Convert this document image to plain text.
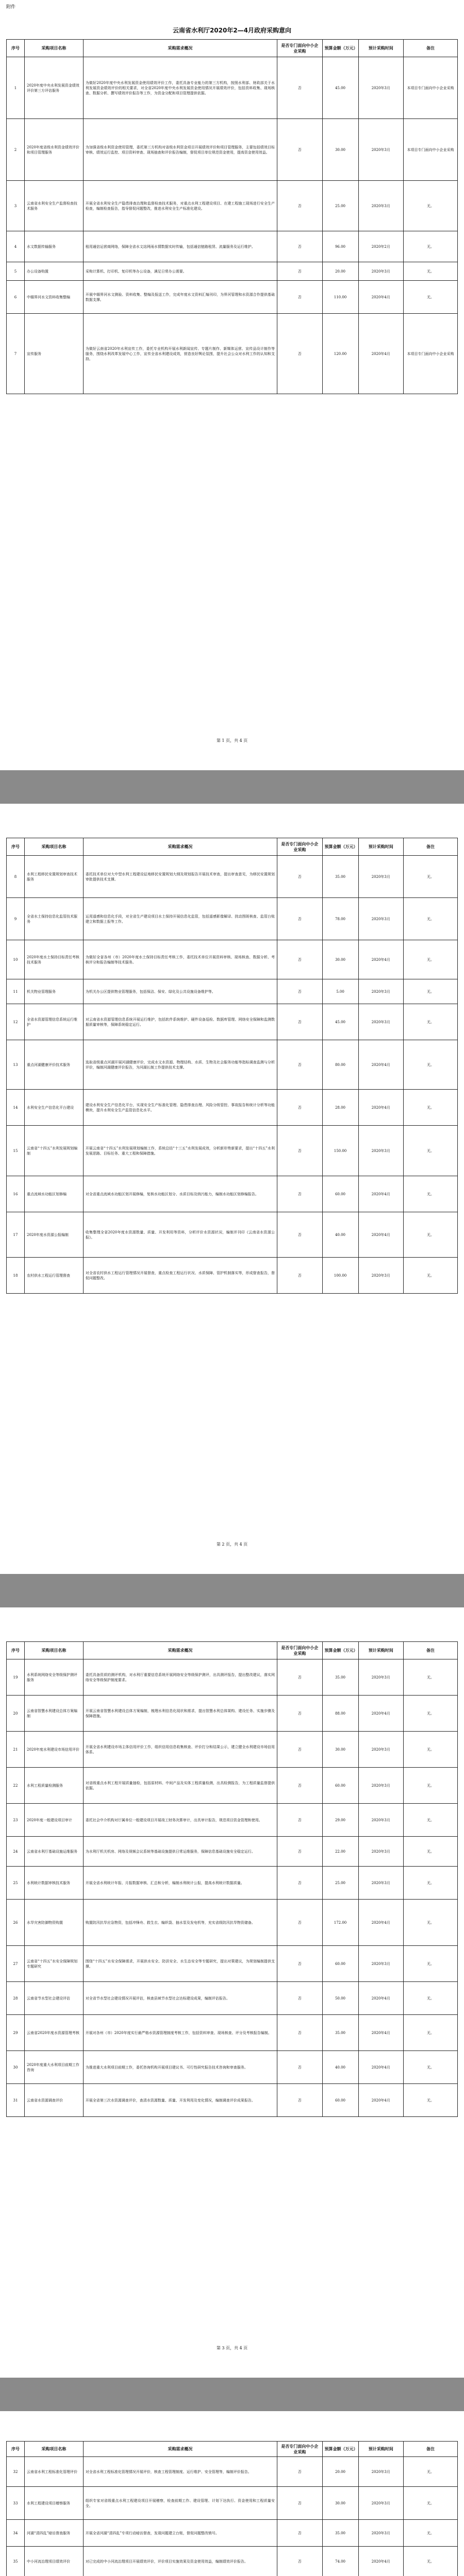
附件
云南省水利厅2020年2—4月政府采购意向
序号	采购项目名称	采购需求概况	是否专门面向中小企业采购	预算金额（万元）	预计采购时间	备注
1	2020年度中央水利发展资金绩效评价第三方评估服务	为做好2020年度中央水利发展资金使用绩效评价工作，委托具备专业能力的第三方机构，按照水利部、财政部关于水利发展资金绩效评价的相关要求，对全省2020年度中央水利发展资金使用情况开展绩效评价，包括资料收集、现场核查、数据分析、撰写绩效评价报告等工作，为资金分配和项目管理提供依据。	否	45.00	2020年3月	本项目专门面向中小企业采购
2	2020年度省级水利资金绩效评价和项目管理服务	为加强省级水利资金使用管理，委托第三方机构对省级水利资金项目开展绩效评价和项目管理服务，主要包括绩效目标审核、绩效运行监控、项目资料审查、现场抽查和评价报告编制，督促项目单位规范资金使用，提高资金使用效益。	否	30.00	2020年3月	本项目专门面向中小企业采购
3	云南省水利安全生产监督检查技术服务	开展全省水利安全生产隐患排查治理和监督检查技术服务，对重点水利工程建设项目、在建工程施工现场进行安全生产检查，编制检查报告，指导督促问题整改，推进水利安全生产标准化建设。	否	25.00	2020年3月	无。
4	水文数据传输服务	租用通信运营商网络，保障全省水文站网雨水情数据实时传输，包括通信链路租赁、流量服务及运行维护。	否	96.00	2020年2月	无。
5	办公设备购置	采购计算机、打印机、复印机等办公设备，满足日常办公需要。	否	20.00	2020年3月	无。
6	中缅界河水文资料收集整编	开展中缅界河水文测验、资料收集、整编及报送工作，完成年度水文资料汇编刊印，为界河管理和水资源合作提供基础数据支撑。	否	110.00	2020年4月	无。
7	宣传服务	为做好云南省2020年水利宣传工作，委托专业机构开展水利新闻宣传、专题片制作、新媒体运营、宣传品设计制作等服务，围绕水利改革发展中心工作，宣传全省水利建设成效，营造良好舆论氛围，提升社会公众对水利工作的认知和支持。	否	120.00	2020年4月	本项目专门面向中小企业采购
第 1 页，共 4 页
序号	采购项目名称	采购需求概况	是否专门面向中小企业采购	预算金额（万元）	预计采购时间	备注
8	水利工程移民安置规划审查技术服务	委托技术单位对大中型水利工程建设征地移民安置规划大纲及规划报告开展技术审查，提出审查意见，为移民安置规划审批提供技术支撑。	否	35.00	2020年3月	无。
9	全省水土保持信息化监管技术服务	运用遥感和信息化手段，对全省生产建设项目水土保持开展信息化监管，包括遥感影像解译、扰动图斑核查、监管台账建立和数据上报等工作。	否	78.00	2020年3月	无。
10	2020年度水土保持目标责任考核技术服务	为做好全省各州（市）2020年度水土保持目标责任考核工作，委托技术单位开展资料审核、现场核查、数据分析、考核评分和报告编制等技术服务。	否	30.00	2020年4月	无。
11	机关物业管理服务	为机关办公区提供物业管理服务，包括保洁、保安、绿化及公共设施设备维护等。	否	5.00	2020年3月	无。
12	全省水资源管理信息系统运行维护	对云南省水资源管理信息系统开展运行维护，包括软件系统维护、硬件设备巡检、数据库管理、网络安全保障和监测数据质量审核等，保障系统稳定运行。	否	45.00	2020年3月	无。
13	重点河湖健康评价技术服务	选取省级重点河湖开展河湖健康评价，完成水文水资源、物理结构、水质、生物及社会服务功能等指标调查监测与分析评价，编制河湖健康评价报告，为河湖长制工作提供技术支撑。	否	80.00	2020年4月	无。
14	水利安全生产信息化平台建设	建设水利安全生产信息化平台，实现安全生产标准化管理、隐患排查治理、风险分级管控、事故报告和统计分析等功能模块，提升水利安全生产监管信息化水平。	否	28.00	2020年4月	无。
15	云南省“十四五”水利发展规划编制	开展云南省“十四五”水利发展规划编制工作，系统总结“十三五”水利发展成效，分析新形势新要求，提出“十四五”水利发展思路、目标任务、重大工程和保障措施。	否	150.00	2020年3月	无。
16	重点流域水功能区划修编	对全省重点流域水功能区划开展修编，复核水功能区划分、水质目标及纳污能力，编制水功能区划修编报告。	否	60.00	2020年4月	无。
17	2020年度水资源公报编制	收集整理全省2020年度水资源数量、质量、开发利用等资料，分析评价水资源状况，编制并刊印《云南省水资源公报》。	否	40.00	2020年4月	无。
18	农村供水工程运行管理督查	对全省农村供水工程运行管理情况开展督查，重点检查工程运行状况、水质保障、管护机制落实等，形成督查报告，督促问题整改。	否	100.00	2020年3月	无。
第 2 页，共 4 页
序号	采购项目名称	采购需求概况	是否专门面向中小企业采购	预算金额（万元）	预计采购时间	备注
19	水利系统网络安全等级保护测评服务	委托具备资质的测评机构，对水利厅重要信息系统开展网络安全等级保护测评，出具测评报告，提出整改建议，落实网络安全等级保护制度要求。	否	35.00	2020年3月	无。
20	云南省智慧水利建设总体方案编制	开展云南省智慧水利建设总体方案编制，梳理水利信息化现状和需求，提出智慧水利总体架构、建设任务、实施步骤及保障措施。	否	88.00	2020年4月	无。
21	2020年度水利建设市场信用评价	开展全省水利建设市场主体信用评价工作，组织信用信息收集核查、评价打分和结果公示，建立健全水利建设市场信用体系。	否	30.00	2020年3月	无。
22	水利工程质量检测服务	对省级重点水利工程开展质量抽检，包括原材料、中间产品及实体工程质量检测，出具检测报告，为工程质量监督提供依据。	否	60.00	2020年3月	无。
23	2020年度一般建设项目审计	委托社会中介机构对厅属单位一般建设项目开展竣工财务决算审计，出具审计报告，规范项目资金管理和使用。	否	29.00	2020年3月	无。
24	云南省水利厅基础设施运维服务	为水利厅机关机房、网络及视频会议系统等基础设施提供日常运维服务，保障信息基础设施安全稳定运行。	否	22.00	2020年3月	无。
25	水利统计数据审核技术服务	开展全省水利统计年报、月报数据审核、汇总和分析，编制水利统计公报，提高水利统计数据质量。	否	25.00	2020年3月	无。
26	水旱灾害防御物资购置	购置防汛抗旱应急物资，包括冲锋舟、救生衣、编织袋、抽水泵及发电机等，充实省级防汛抗旱物资储备。	否	172.00	2020年4月	无。
27	云南省“十四五”水安全保障规划专题研究	围绕“十四五”水安全保障需求，开展供水安全、防洪安全、水生态安全等专题研究，提出对策建议，为规划编制提供支撑。	否	60.00	2020年3月	无。
28	云南省节水型社会建设评估	对全省节水型社会建设情况开展评估，核查县域节水型社会达标建设成果，编制评估报告。	否	50.00	2020年4月	无。
29	云南省2020年度水资源管理考核	开展对各州（市）2020年度实行最严格水资源管理制度考核工作，包括资料审查、现场核查、评分及考核报告编制。	否	35.00	2020年4月	无。
30	2020年度重大水利项目前期工作咨询	为推进重大水利项目前期工作，委托咨询机构开展项目建议书、可行性研究报告技术咨询和审查服务。	否	40.00	2020年4月	无。
31	云南省水资源调查评价	开展全省第三次水资源调查评价，查清水资源数量、质量、开发利用及变化情况，编制调查评价成果报告。	否	60.00	2020年4月	无。
第 3 页，共 4 页
序号	采购项目名称	采购需求概况	是否专门面向中小企业采购	预算金额（万元）	预计采购时间	备注
32	云南省水利工程标准化管理评价	对全省水利工程标准化管理情况开展评价，核查工程管理制度、运行维护、安全管理等，编制评价报告。	否	20.00	2020年3月	无。
33	水利工程建设项目稽察服务	组织专家对省级重点水利工程建设项目开展稽察，检查前期工作、建设管理、计划下达执行、资金使用和工程质量安全。	否	30.00	2020年3月	无。
34	河湖“清四乱”暗访督查服务	开展全省河湖“清四乱”专项行动暗访督查，发现问题建立台账，督促问题整改销号。	否	35.00	2020年3月	无。
35	中小河流治理项目绩效评价	对已完成的中小河流治理项目开展绩效评价，评价项目实施效果及资金使用效益，编制绩效评价报告。	否	74.00	2020年4月	无。
